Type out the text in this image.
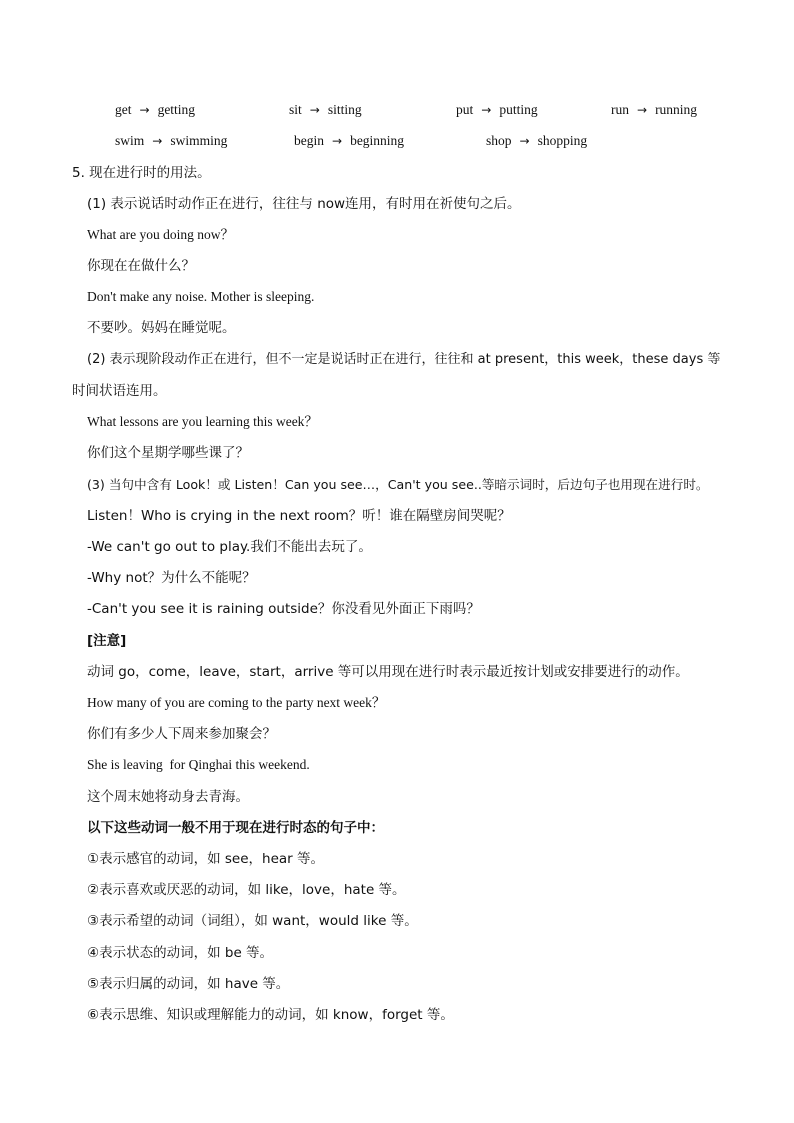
get → getting	sit → sitting	put → putting	run → running
swim → swimming	begin → beginning	shop → shopping
5. 现在进行时的用法。
(1) 表示说话时动作正在进行，往往与 now连用，有时用在祈使句之后。
What are you doing now？
你现在在做什么？
Don't make any noise. Mother is sleeping.
不要吵。妈妈在睡觉呢。
(2) 表示现阶段动作正在进行，但不一定是说话时正在进行，往往和 at present，this week，these days 等
时间状语连用。
What lessons are you learning this week？
你们这个星期学哪些课了？
(3) 当句中含有 Look！或 Listen！Can you see…，Can't you see..等暗示词时，后边句子也用现在进行时。
Listen！Who is crying in the next room？听！谁在隔壁房间哭呢？
-We can't go out to play.我们不能出去玩了。
-Why not？为什么不能呢？
-Can't you see it is raining outside？你没看见外面正下雨吗？
[注意]
动词 go，come，leave，start，arrive 等可以用现在进行时表示最近按计划或安排要进行的动作。
How many of you are coming to the party next week？
你们有多少人下周来参加聚会？
She is leaving  for Qinghai this weekend.
这个周末她将动身去青海。
以下这些动词一般不用于现在进行时态的句子中：
①表示感官的动词，如 see，hear 等。
②表示喜欢或厌恶的动词，如 like，love，hate 等。
③表示希望的动词（词组），如 want，would like 等。
④表示状态的动词，如 be 等。
⑤表示归属的动词，如 have 等。
⑥表示思维、知识或理解能力的动词，如 know，forget 等。
